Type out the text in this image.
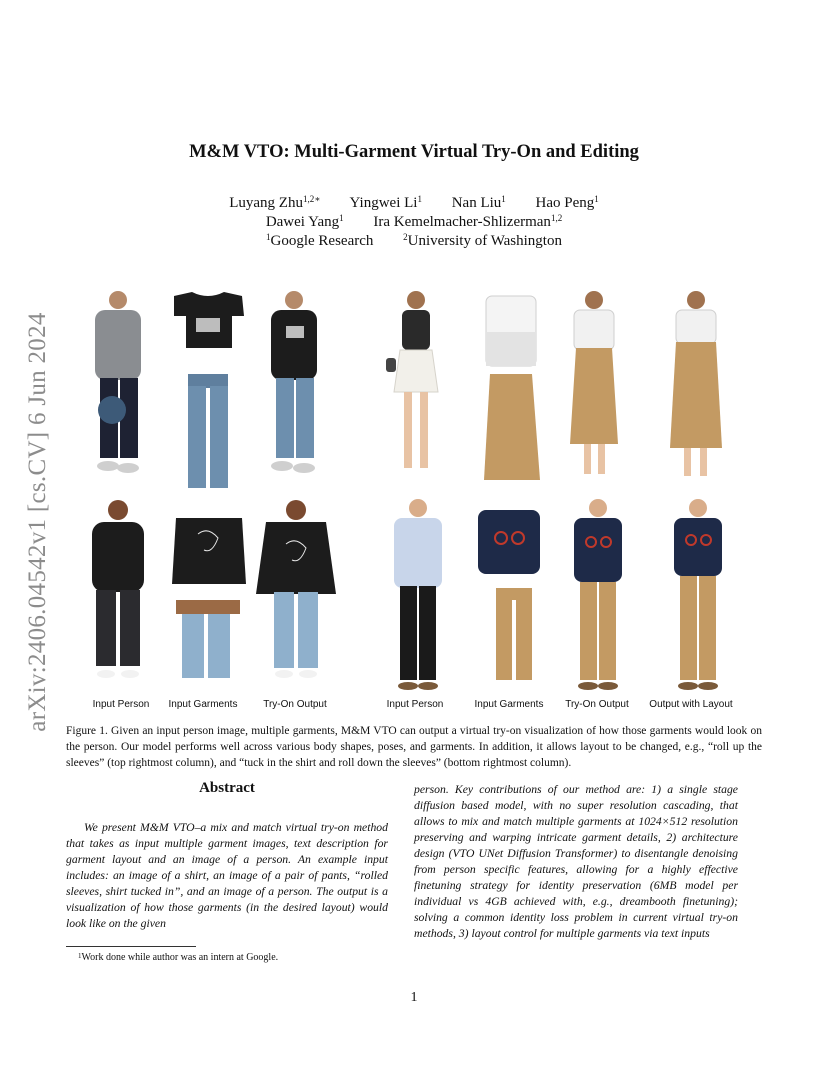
M&M VTO: Multi-Garment Virtual Try-On and Editing
Luyang Zhu$^{1,2∗}$ Yingwei Li$^1$ Nan Liu$^1$ Hao Peng$^1$
Dawei Yang$^1$ Ira Kemelmacher-Shlizerman$^{1,2}$
$^1$Google Research	$^2$University of Washington
arXiv:2406.04542v1 [cs.CV] 6 Jun 2024	Input Person	Input Garments	Try-On Output	Input Person	Input Garments	Try-On Output	Output with Layout
Figure 1. Given an input person image, multiple garments, M&M VTO can output a virtual try-on visualization of how those garments would look on the person. Our model performs well across various body shapes, poses, and garments. In addition, it allows layout to be changed, e.g., “roll up the sleeves” (top rightmost column), and “tuck in the shirt and roll down the sleeves” (bottom rightmost column).
Abstract
We present M&M VTO–a mix and match virtual try-on method that takes as input multiple garment images, text description for garment layout and an image of a person. An example input includes: an image of a shirt, an image of a pair of pants, “rolled sleeves, shirt tucked in”, and an image of a person. The output is a visualization of how those garments (in the desired layout) would look like on the given
person. Key contributions of our method are: 1) a single stage diffusion based model, with no super resolution cascading, that allows to mix and match multiple garments at 1024×512 resolution preserving and warping intricate garment details, 2) architecture design (VTO UNet Diffusion Transformer) to disentangle denoising from person specific features, allowing for a highly effective finetuning strategy for identity preservation (6MB model per individual vs 4GB achieved with, e.g., dreambooth finetuning); solving a common identity loss problem in current virtual try-on methods, 3) layout control for multiple garments via text inputs
$^1$Work done while author was an intern at Google.
1
